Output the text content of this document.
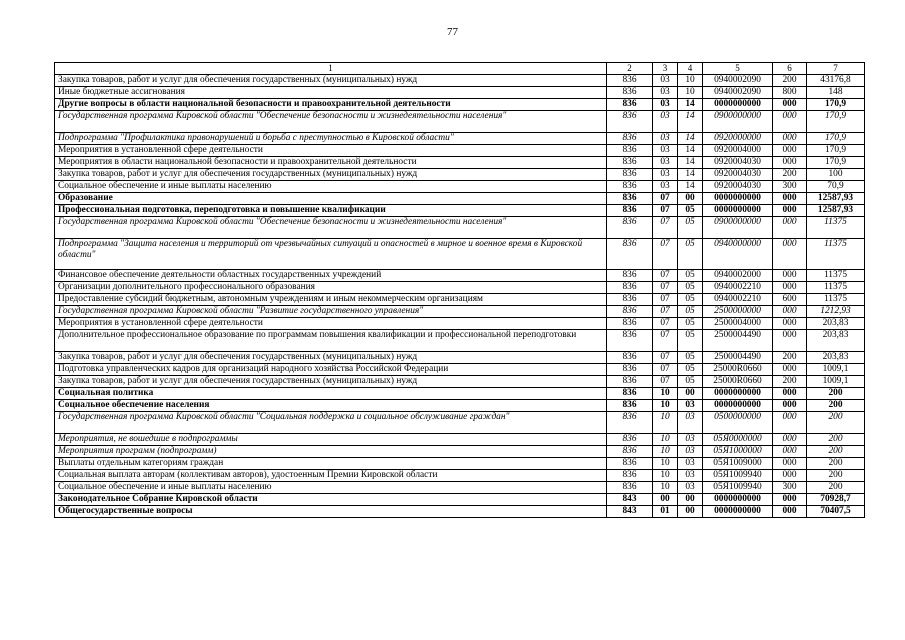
77
1	2	3	4	5	6	7
Закупка товаров, работ и услуг для обеспечения государственных (муниципальных) нужд	836	03	10	0940002090	200	43176,8
Иные бюджетные ассигнования	836	03	10	0940002090	800	148
Другие вопросы в области национальной безопасности и правоохранительной деятельности	836	03	14	0000000000	000	170,9
Государственная программа Кировской области "Обеспечение безопасности и жизнедеятельности населения"	836	03	14	0900000000	000	170,9
Подпрограмма "Профилактика правонарушений и борьба с преступностью в Кировской области"	836	03	14	0920000000	000	170,9
Мероприятия в установленной сфере деятельности	836	03	14	0920004000	000	170,9
Мероприятия в области национальной безопасности и правоохранительной деятельности	836	03	14	0920004030	000	170,9
Закупка товаров, работ и услуг для обеспечения государственных (муниципальных) нужд	836	03	14	0920004030	200	100
Социальное обеспечение и иные выплаты населению	836	03	14	0920004030	300	70,9
Образование	836	07	00	0000000000	000	12587,93
Профессиональная подготовка, переподготовка и повышение квалификации	836	07	05	0000000000	000	12587,93
Государственная программа Кировской области "Обеспечение безопасности и жизнедеятельности населения"	836	07	05	0900000000	000	11375
Подпрограмма "Защита населения и территорий от чрезвычайных ситуаций и опасностей в мирное и военное время в Кировской области"	836	07	05	0940000000	000	11375
Финансовое обеспечение деятельности областных государственных учреждений	836	07	05	0940002000	000	11375
Организации дополнительного профессионального образования	836	07	05	0940002210	000	11375
Предоставление субсидий бюджетным, автономным учреждениям и иным некоммерческим организациям	836	07	05	0940002210	600	11375
Государственная программа Кировской области "Развитие государственного управления"	836	07	05	2500000000	000	1212,93
Мероприятия в установленной сфере деятельности	836	07	05	2500004000	000	203,83
Дополнительное профессиональное образование по программам повышения квалификации и профессиональной переподготовки	836	07	05	2500004490	000	203,83
Закупка товаров, работ и услуг для обеспечения государственных (муниципальных) нужд	836	07	05	2500004490	200	203,83
Подготовка управленческих кадров для организаций народного хозяйства Российской Федерации	836	07	05	25000R0660	000	1009,1
Закупка товаров, работ и услуг для обеспечения государственных (муниципальных) нужд	836	07	05	25000R0660	200	1009,1
Социальная политика	836	10	00	0000000000	000	200
Социальное обеспечение населения	836	10	03	0000000000	000	200
Государственная программа Кировской области "Социальная поддержка и социальное обслуживание граждан"	836	10	03	0500000000	000	200
Мероприятия, не вошедшие в подпрограммы	836	10	03	05Я0000000	000	200
Мероприятия программ (подпрограмм)	836	10	03	05Я1000000	000	200
Выплаты отдельным категориям граждан	836	10	03	05Я1009000	000	200
Социальная выплата авторам (коллективам авторов), удостоенным Премии Кировской области	836	10	03	05Я1009940	000	200
Социальное обеспечение и иные выплаты населению	836	10	03	05Я1009940	300	200
Законодательное Собрание Кировской области	843	00	00	0000000000	000	70928,7
Общегосударственные вопросы	843	01	00	0000000000	000	70407,5
